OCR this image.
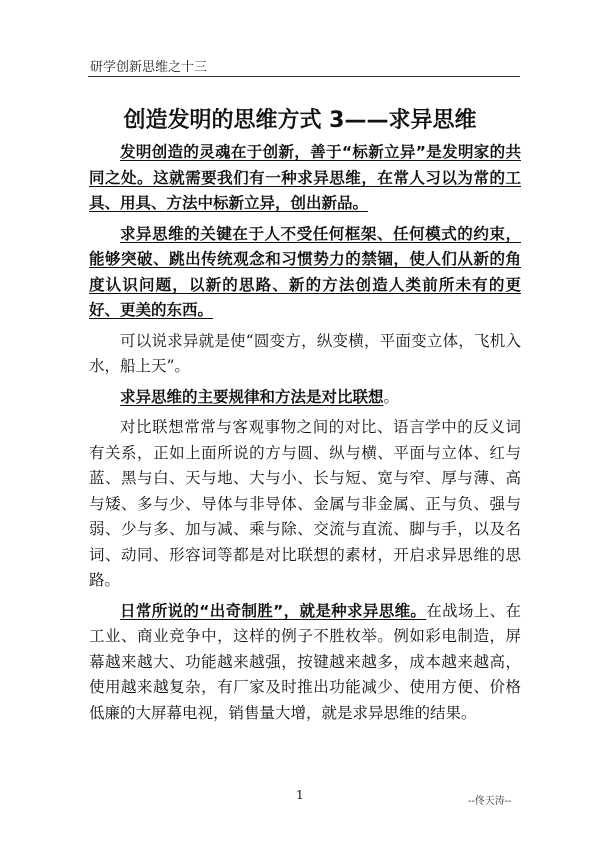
研学创新思维之十三
创造发明的思维方式 3——求异思维

发明创造的灵魂在于创新，善于“标新立异”是发明家的共同之处。这就需要我们有一种求异思维，在常人习以为常的工具、用具、方法中标新立异，创出新品。

求异思维的关键在于人不受任何框架、任何模式的约束，能够突破、跳出传统观念和习惯势力的禁锢，使人们从新的角度认识问题，以新的思路、新的方法创造人类前所未有的更好、更美的东西。

可以说求异就是使“圆变方，纵变横，平面变立体，飞机入水，船上天”。

求异思维的主要规律和方法是对比联想。

对比联想常常与客观事物之间的对比、语言学中的反义词有关系，正如上面所说的方与圆、纵与横、平面与立体、红与蓝、黑与白、天与地、大与小、长与短、宽与窄、厚与薄、高与矮、多与少、导体与非导体、金属与非金属、正与负、强与弱、少与多、加与减、乘与除、交流与直流、脚与手，以及名词、动同、形容词等都是对比联想的素材，开启求异思维的思路。

日常所说的“出奇制胜”，就是种求异思维。在战场上、在工业、商业竞争中，这样的例子不胜枚举。例如彩电制造，屏幕越来越大、功能越来越强，按键越来越多，成本越来越高，使用越来越复杂，有厂家及时推出功能减少、使用方便、价格低廉的大屏幕电视，销售量大增，就是求异思维的结果。

1	--佟天涛--
